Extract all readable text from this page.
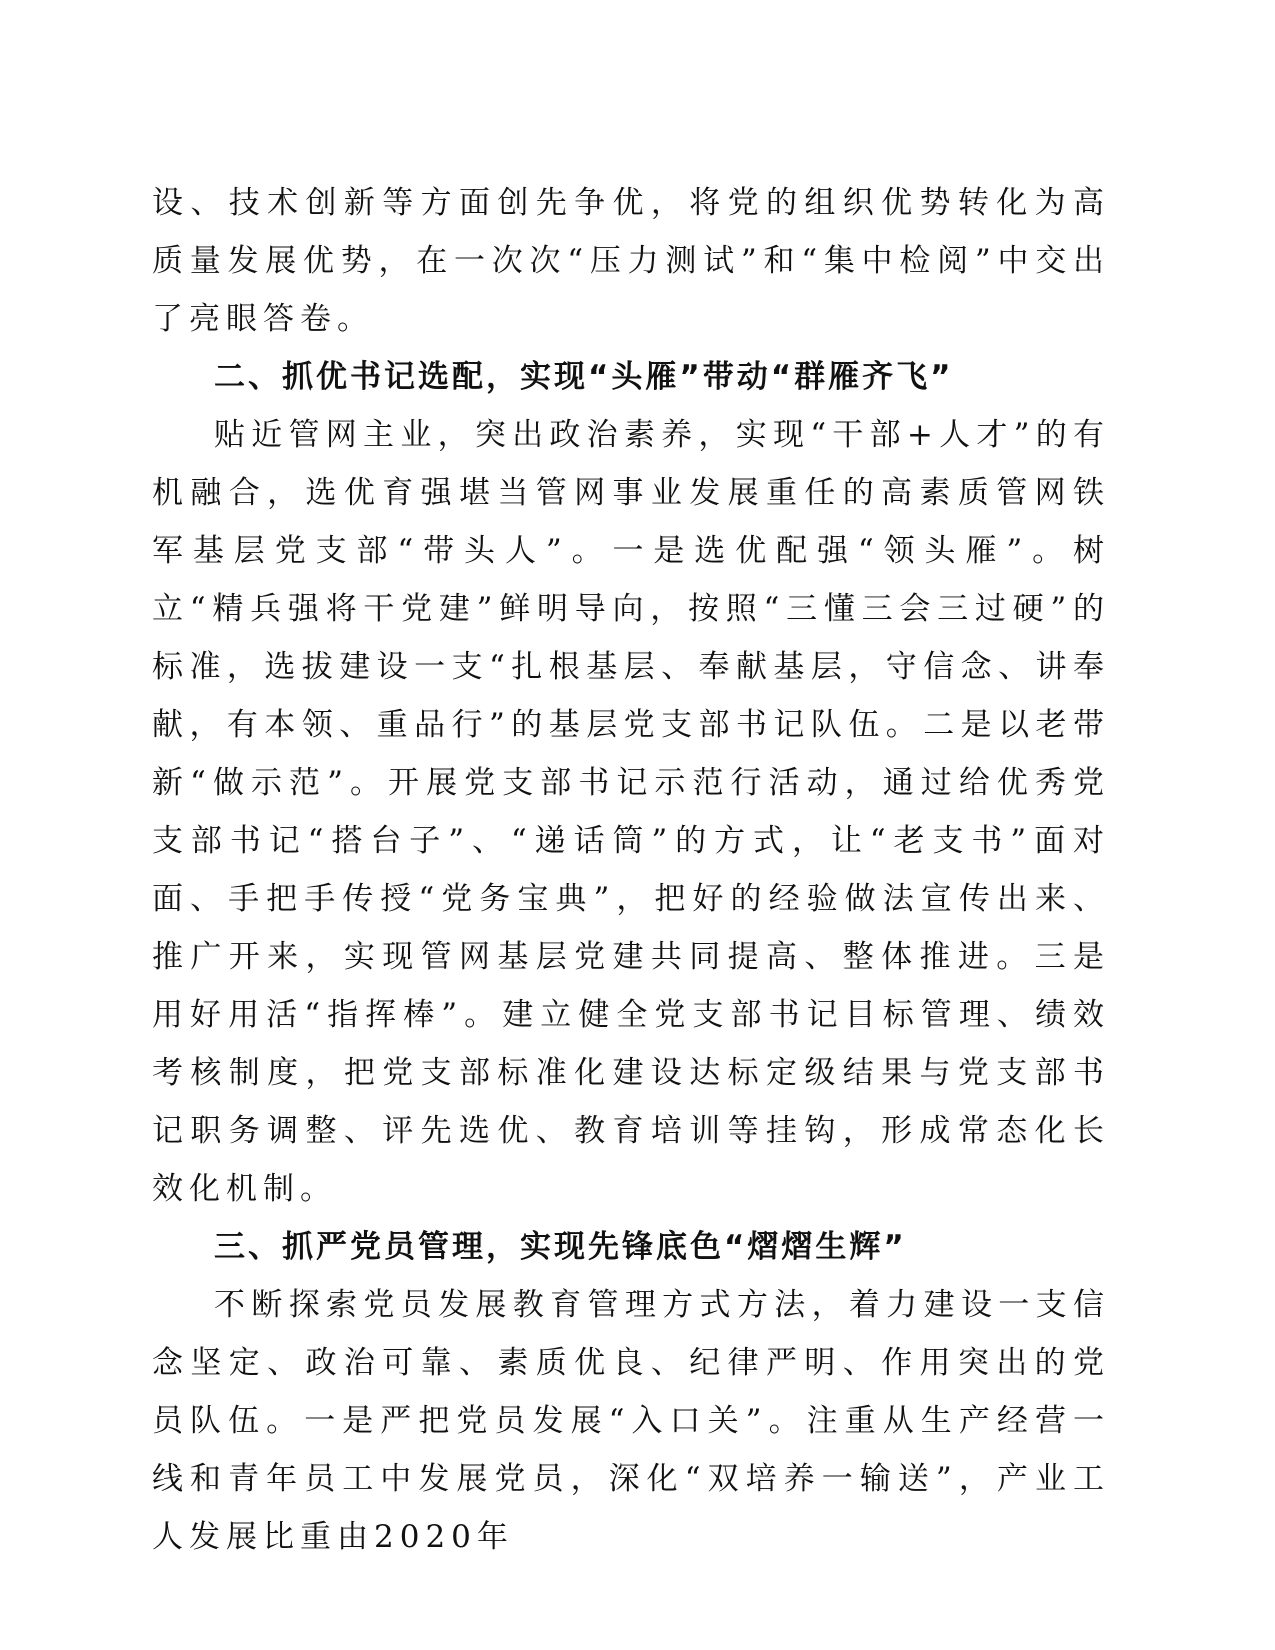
设、技术创新等方面创先争优，将党的组织优势转化为高质量发展优势，在一次次“压力测试”和“集中检阅”中交出了亮眼答卷。

二、抓优书记选配，实现“头雁”带动“群雁齐飞”

贴近管网主业，突出政治素养，实现“干部+人才”的有机融合，选优育强堪当管网事业发展重任的高素质管网铁军基层党支部“带头人”。一是选优配强“领头雁”。树立“精兵强将干党建”鲜明导向，按照“三懂三会三过硬”的标准，选拔建设一支“扎根基层、奉献基层，守信念、讲奉献，有本领、重品行”的基层党支部书记队伍。二是以老带新“做示范”。开展党支部书记示范行活动，通过给优秀党支部书记“搭台子”、“递话筒”的方式，让“老支书”面对面、手把手传授“党务宝典”，把好的经验做法宣传出来、推广开来，实现管网基层党建共同提高、整体推进。三是用好用活“指挥棒”。建立健全党支部书记目标管理、绩效考核制度，把党支部标准化建设达标定级结果与党支部书记职务调整、评先选优、教育培训等挂钩，形成常态化长效化机制。

三、抓严党员管理，实现先锋底色“熠熠生辉”

不断探索党员发展教育管理方式方法，着力建设一支信念坚定、政治可靠、素质优良、纪律严明、作用突出的党员队伍。一是严把党员发展“入口关”。注重从生产经营一线和青年员工中发展党员，深化“双培养一输送”，产业工人发展比重由2020年
